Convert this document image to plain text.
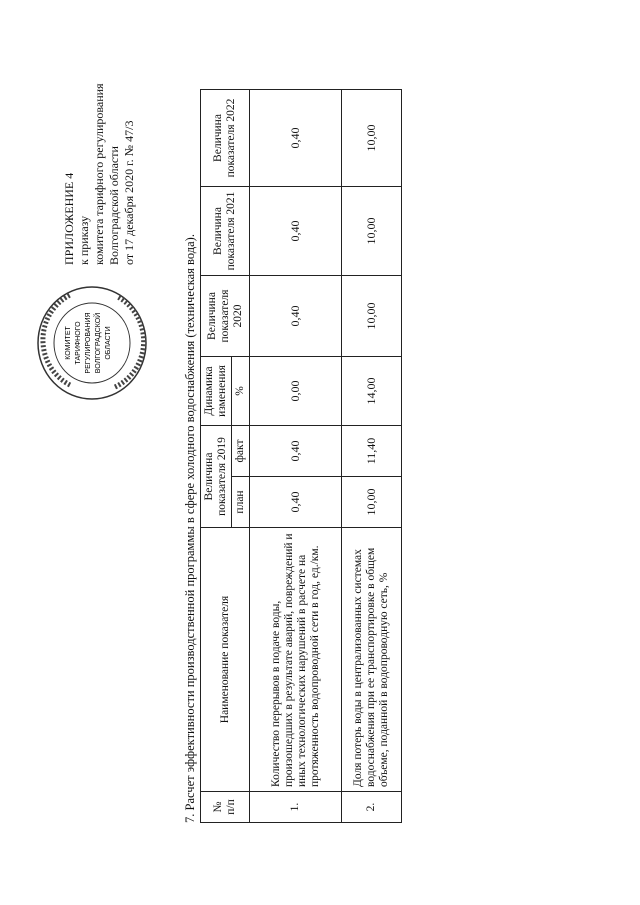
КОМИТЕТ ТАРИФНОГО РЕГУЛИРОВАНИЯ ВОЛГОГРАДСКОЙ ОБЛАСТИ
ПРИЛОЖЕНИЕ 4 к приказу комитета тарифного регулирования Волгоградской области от 17 декабря 2020 г. № 47/3
7. Расчет эффективности производственной программы в сфере холодного водоснабжения (техническая вода). № п/п	Наименование показателя	Величина показателя 2019		Динамика изменения	Величина показателя 2020	Величина показателя 2021	Величина показателя 2022
		план	факт	%			
1.	Количество перерывов в подаче воды, произошедших в результате аварий, повреждений и иных технологических нарушений в расчете на протяженность водопроводной сети в год, ед./км.	0,40	0,40	0,00	0,40	0,40	0,40
2.	Доля потерь воды в централизованных системах водоснабжения при ее транспортировке в общем объеме, поданной в водопроводную сеть, %	10,00	11,40	14,00	10,00	10,00	10,00
